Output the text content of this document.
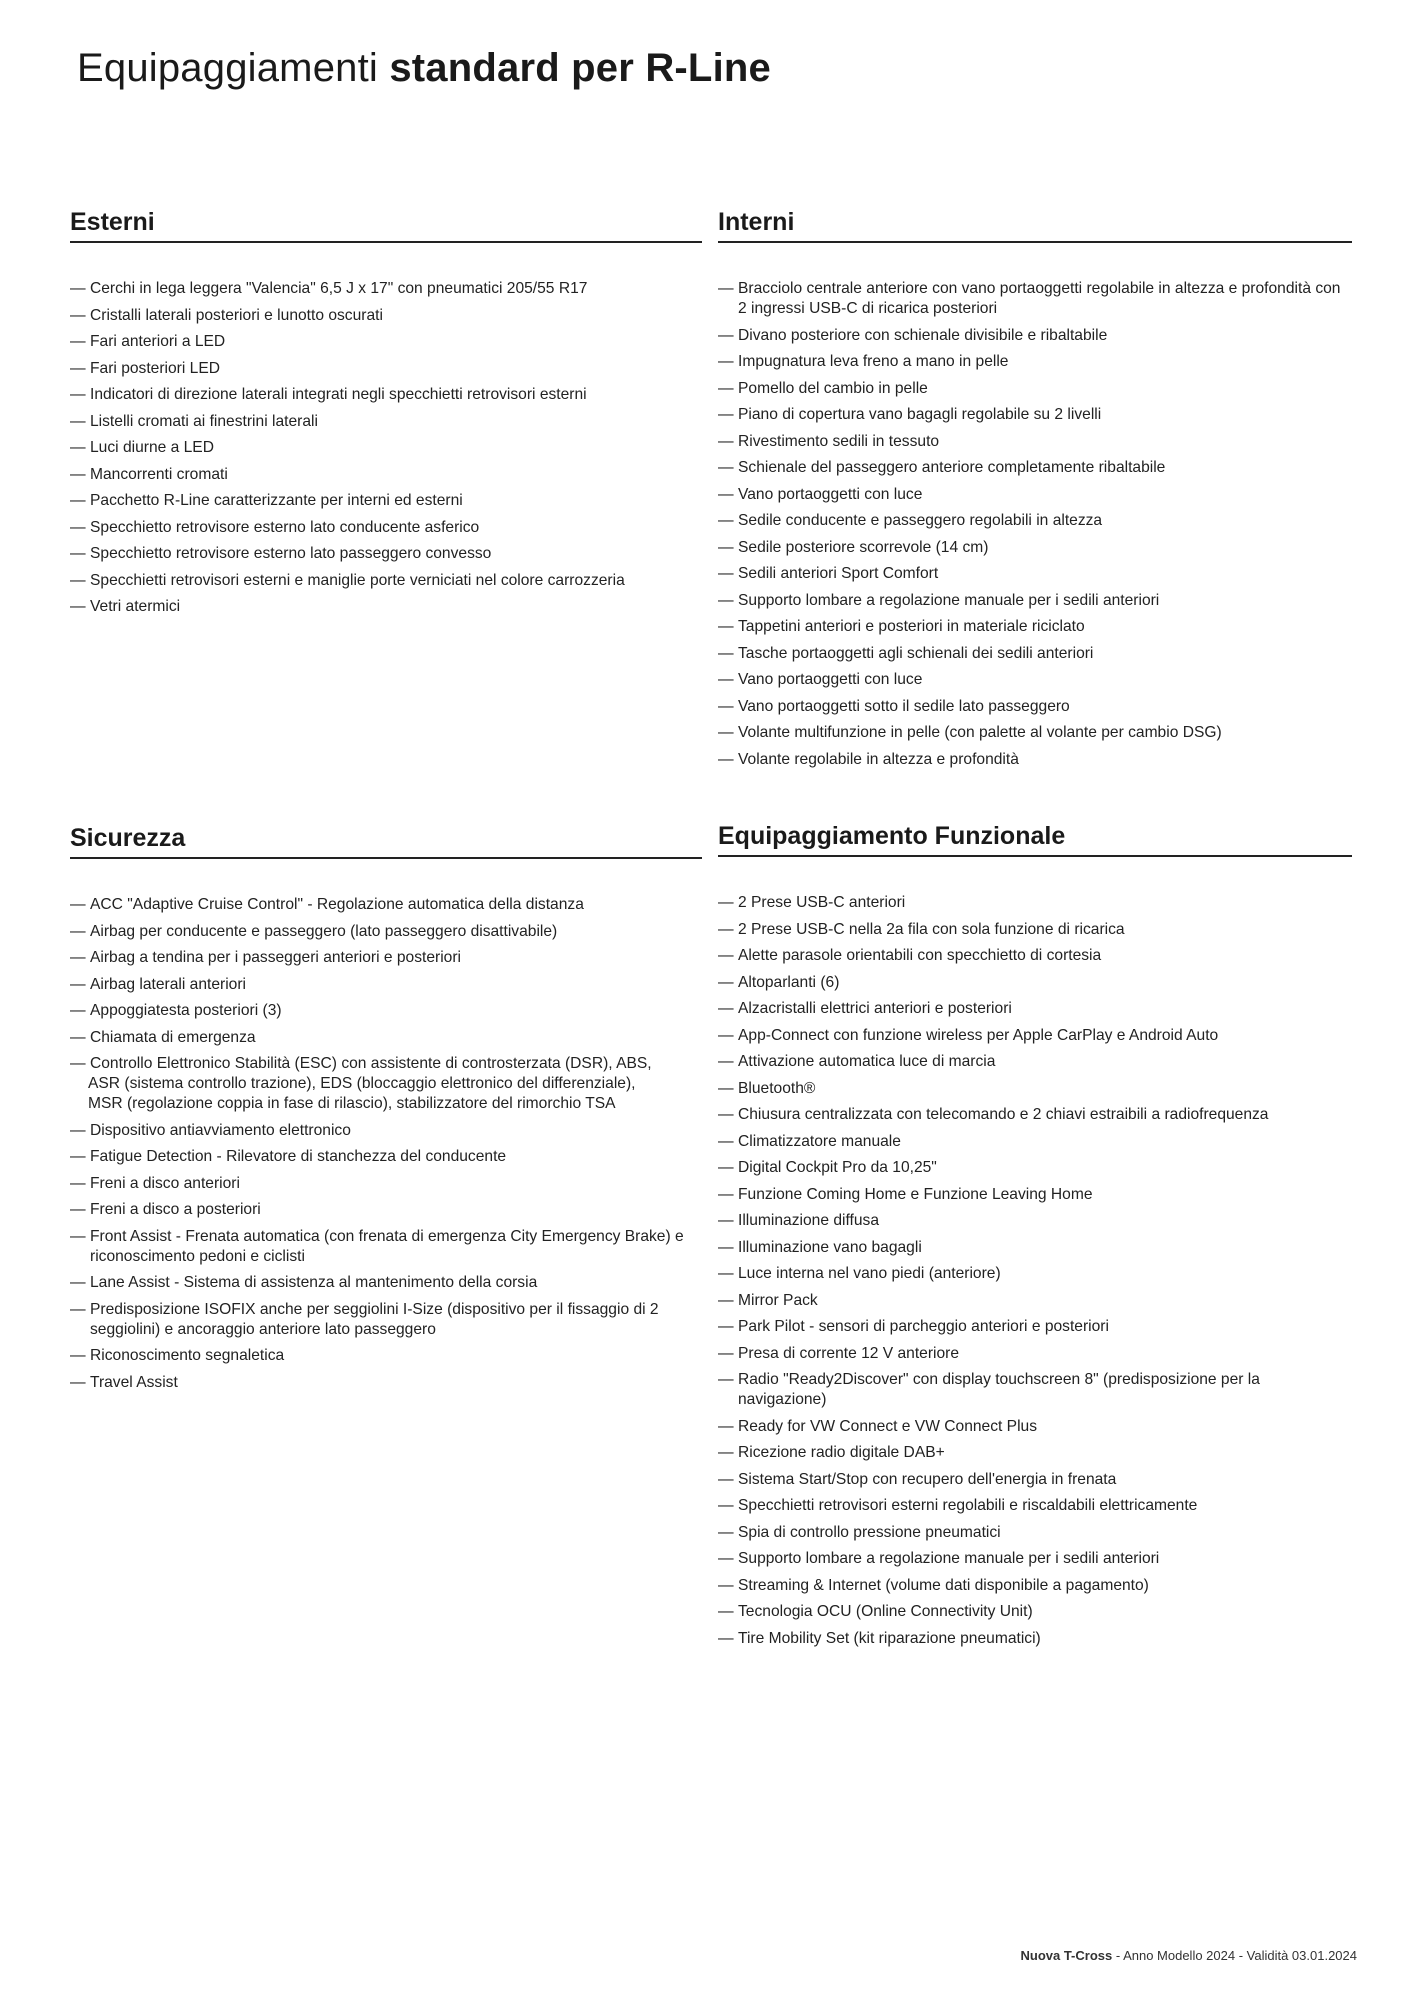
Equipaggiamenti standard per R-Line
Esterni
— Cerchi in lega leggera "Valencia" 6,5 J x 17" con pneumatici 205/55 R17
— Cristalli laterali posteriori e lunotto oscurati
— Fari anteriori a LED
— Fari posteriori LED
— Indicatori di direzione laterali integrati negli specchietti retrovisori esterni
— Listelli cromati ai finestrini laterali
— Luci diurne a LED
— Mancorrenti cromati
— Pacchetto R-Line caratterizzante per interni ed esterni
— Specchietto retrovisore esterno lato conducente asferico
— Specchietto retrovisore esterno lato passeggero convesso
— Specchietti retrovisori esterni e maniglie porte verniciati nel colore carrozzeria
— Vetri atermici
Interni
— Bracciolo centrale anteriore con vano portaoggetti regolabile in altezza e profondità con 2 ingressi USB-C di ricarica posteriori
— Divano posteriore con schienale divisibile e ribaltabile
— Impugnatura leva freno a mano in pelle
— Pomello del cambio in pelle
— Piano di copertura vano bagagli regolabile su 2 livelli
— Rivestimento sedili in tessuto
— Schienale del passeggero anteriore completamente ribaltabile
— Vano portaoggetti con luce
— Sedile conducente e passeggero regolabili in altezza
— Sedile posteriore scorrevole (14 cm)
— Sedili anteriori Sport Comfort
— Supporto lombare a regolazione manuale per i sedili anteriori
— Tappetini anteriori e posteriori in materiale riciclato
— Tasche portaoggetti agli schienali dei sedili anteriori
— Vano portaoggetti con luce
— Vano portaoggetti sotto il sedile lato passeggero
— Volante multifunzione in pelle (con palette al volante per cambio DSG)
— Volante regolabile in altezza e profondità
Sicurezza
— ACC "Adaptive Cruise Control" - Regolazione automatica della distanza
— Airbag per conducente e passeggero (lato passeggero disattivabile)
— Airbag a tendina per i passeggeri anteriori e posteriori
— Airbag laterali anteriori
— Appoggiatesta posteriori (3)
— Chiamata di emergenza
— Controllo Elettronico Stabilità (ESC) con assistente di controsterzata (DSR), ABS,
ASR (sistema controllo trazione), EDS (bloccaggio elettronico del differenziale),
MSR (regolazione coppia in fase di rilascio), stabilizzatore del rimorchio TSA
— Dispositivo antiavviamento elettronico
— Fatigue Detection - Rilevatore di stanchezza del conducente
— Freni a disco anteriori
— Freni a disco a posteriori
— Front Assist - Frenata automatica (con frenata di emergenza City Emergency Brake) e riconoscimento pedoni e ciclisti
— Lane Assist - Sistema di assistenza al mantenimento della corsia
— Predisposizione ISOFIX anche per seggiolini I-Size (dispositivo per il fissaggio di 2 seggiolini) e ancoraggio anteriore lato passeggero
— Riconoscimento segnaletica
— Travel Assist
Equipaggiamento Funzionale
— 2 Prese USB-C anteriori
— 2 Prese USB-C nella 2a fila con sola funzione di ricarica
— Alette parasole orientabili con specchietto di cortesia
— Altoparlanti (6)
— Alzacristalli elettrici anteriori e posteriori
— App-Connect con funzione wireless per Apple CarPlay e Android Auto
— Attivazione automatica luce di marcia
— Bluetooth®
— Chiusura centralizzata con telecomando e 2 chiavi estraibili a radiofrequenza
— Climatizzatore manuale
— Digital Cockpit Pro da 10,25"
— Funzione Coming Home e Funzione Leaving Home
— Illuminazione diffusa
— Illuminazione vano bagagli
— Luce interna nel vano piedi (anteriore)
— Mirror Pack
— Park Pilot - sensori di parcheggio anteriori e posteriori
— Presa di corrente 12 V anteriore
— Radio "Ready2Discover" con display touchscreen 8" (predisposizione per la navigazione)
— Ready for VW Connect e VW Connect Plus
— Ricezione radio digitale DAB+
— Sistema Start/Stop con recupero dell'energia in frenata
— Specchietti retrovisori esterni regolabili e riscaldabili elettricamente
— Spia di controllo pressione pneumatici
— Supporto lombare a regolazione manuale per i sedili anteriori
— Streaming & Internet (volume dati disponibile a pagamento)
— Tecnologia OCU (Online Connectivity Unit)
— Tire Mobility Set (kit riparazione pneumatici)
Nuova T-Cross - Anno Modello 2024 - Validità 03.01.2024
